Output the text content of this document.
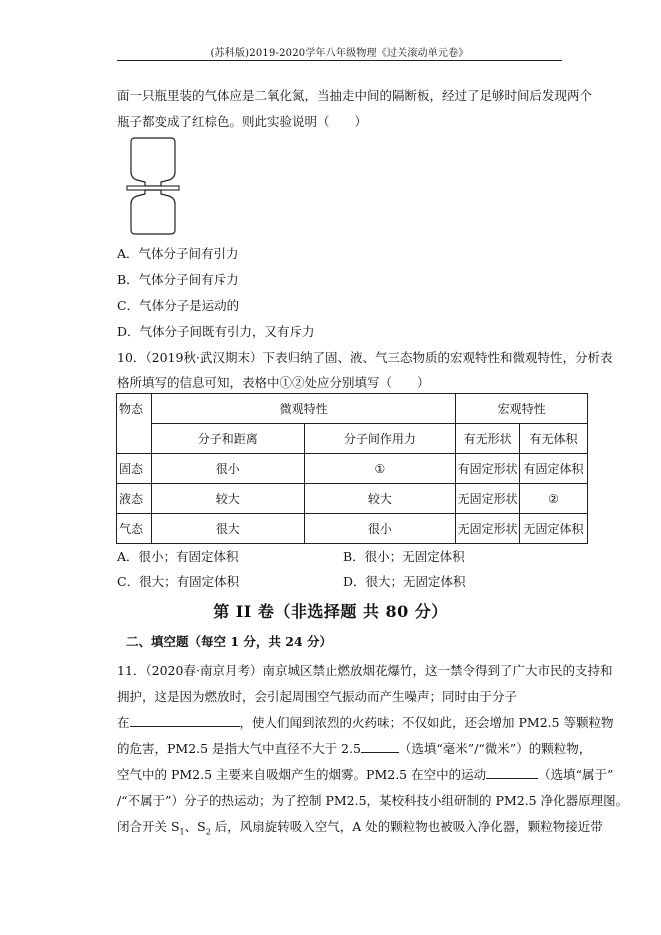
(苏科版)2019-2020学年八年级物理《过关滚动单元卷》
面一只瓶里装的气体应是二氧化氮，当抽走中间的隔断板，经过了足够时间后发现两个
瓶子都变成了红棕色。则此实验说明（　　）
A．气体分子间有引力
B．气体分子间有斥力
C．气体分子是运动的
D．气体分子间既有引力，又有斥力
10．（2019秋·武汉期末）下表归纳了固、液、气三态物质的宏观特性和微观特性，分析表
格所填写的信息可知，表格中①②处应分别填写（　　）
物态	微观特性		宏观特性	
	分子和距离	分子间作用力	有无形状	有无体积
固态	很小	①	有固定形状	有固定体积
液态	较大	较大	无固定形状	②
气态	很大	很小	无固定形状	无固定体积
A．很小；有固定体积	B．很小；无固定体积
C．很大；有固定体积	D．很大；无固定体积
第 II 卷（非选择题 共 80 分）
二、填空题（每空 1 分，共 24 分）
11．（2020春·南京月考）南京城区禁止燃放烟花爆竹，这一禁令得到了广大市民的支持和
拥护，这是因为燃放时，会引起周围空气振动而产生噪声；同时由于分子
在	，使人们闻到浓烈的火药味；不仅如此，还会增加 PM2.5 等颗粒物
的危害，PM2.5 是指大气中直径不大于 2.5	（选填“毫米”/“微米”）的颗粒物，
空气中的 PM2.5 主要来自吸烟产生的烟雾。PM2.5 在空中的运动	（选填“属于”
/“不属于”）分子的热运动；为了控制 PM2.5，某校科技小组研制的 PM2.5 净化器原理图。
闭合开关 $S_1$、$S_2$ 后，风扇旋转吸入空气，A 处的颗粒物也被吸入净化器，颗粒物接近带
